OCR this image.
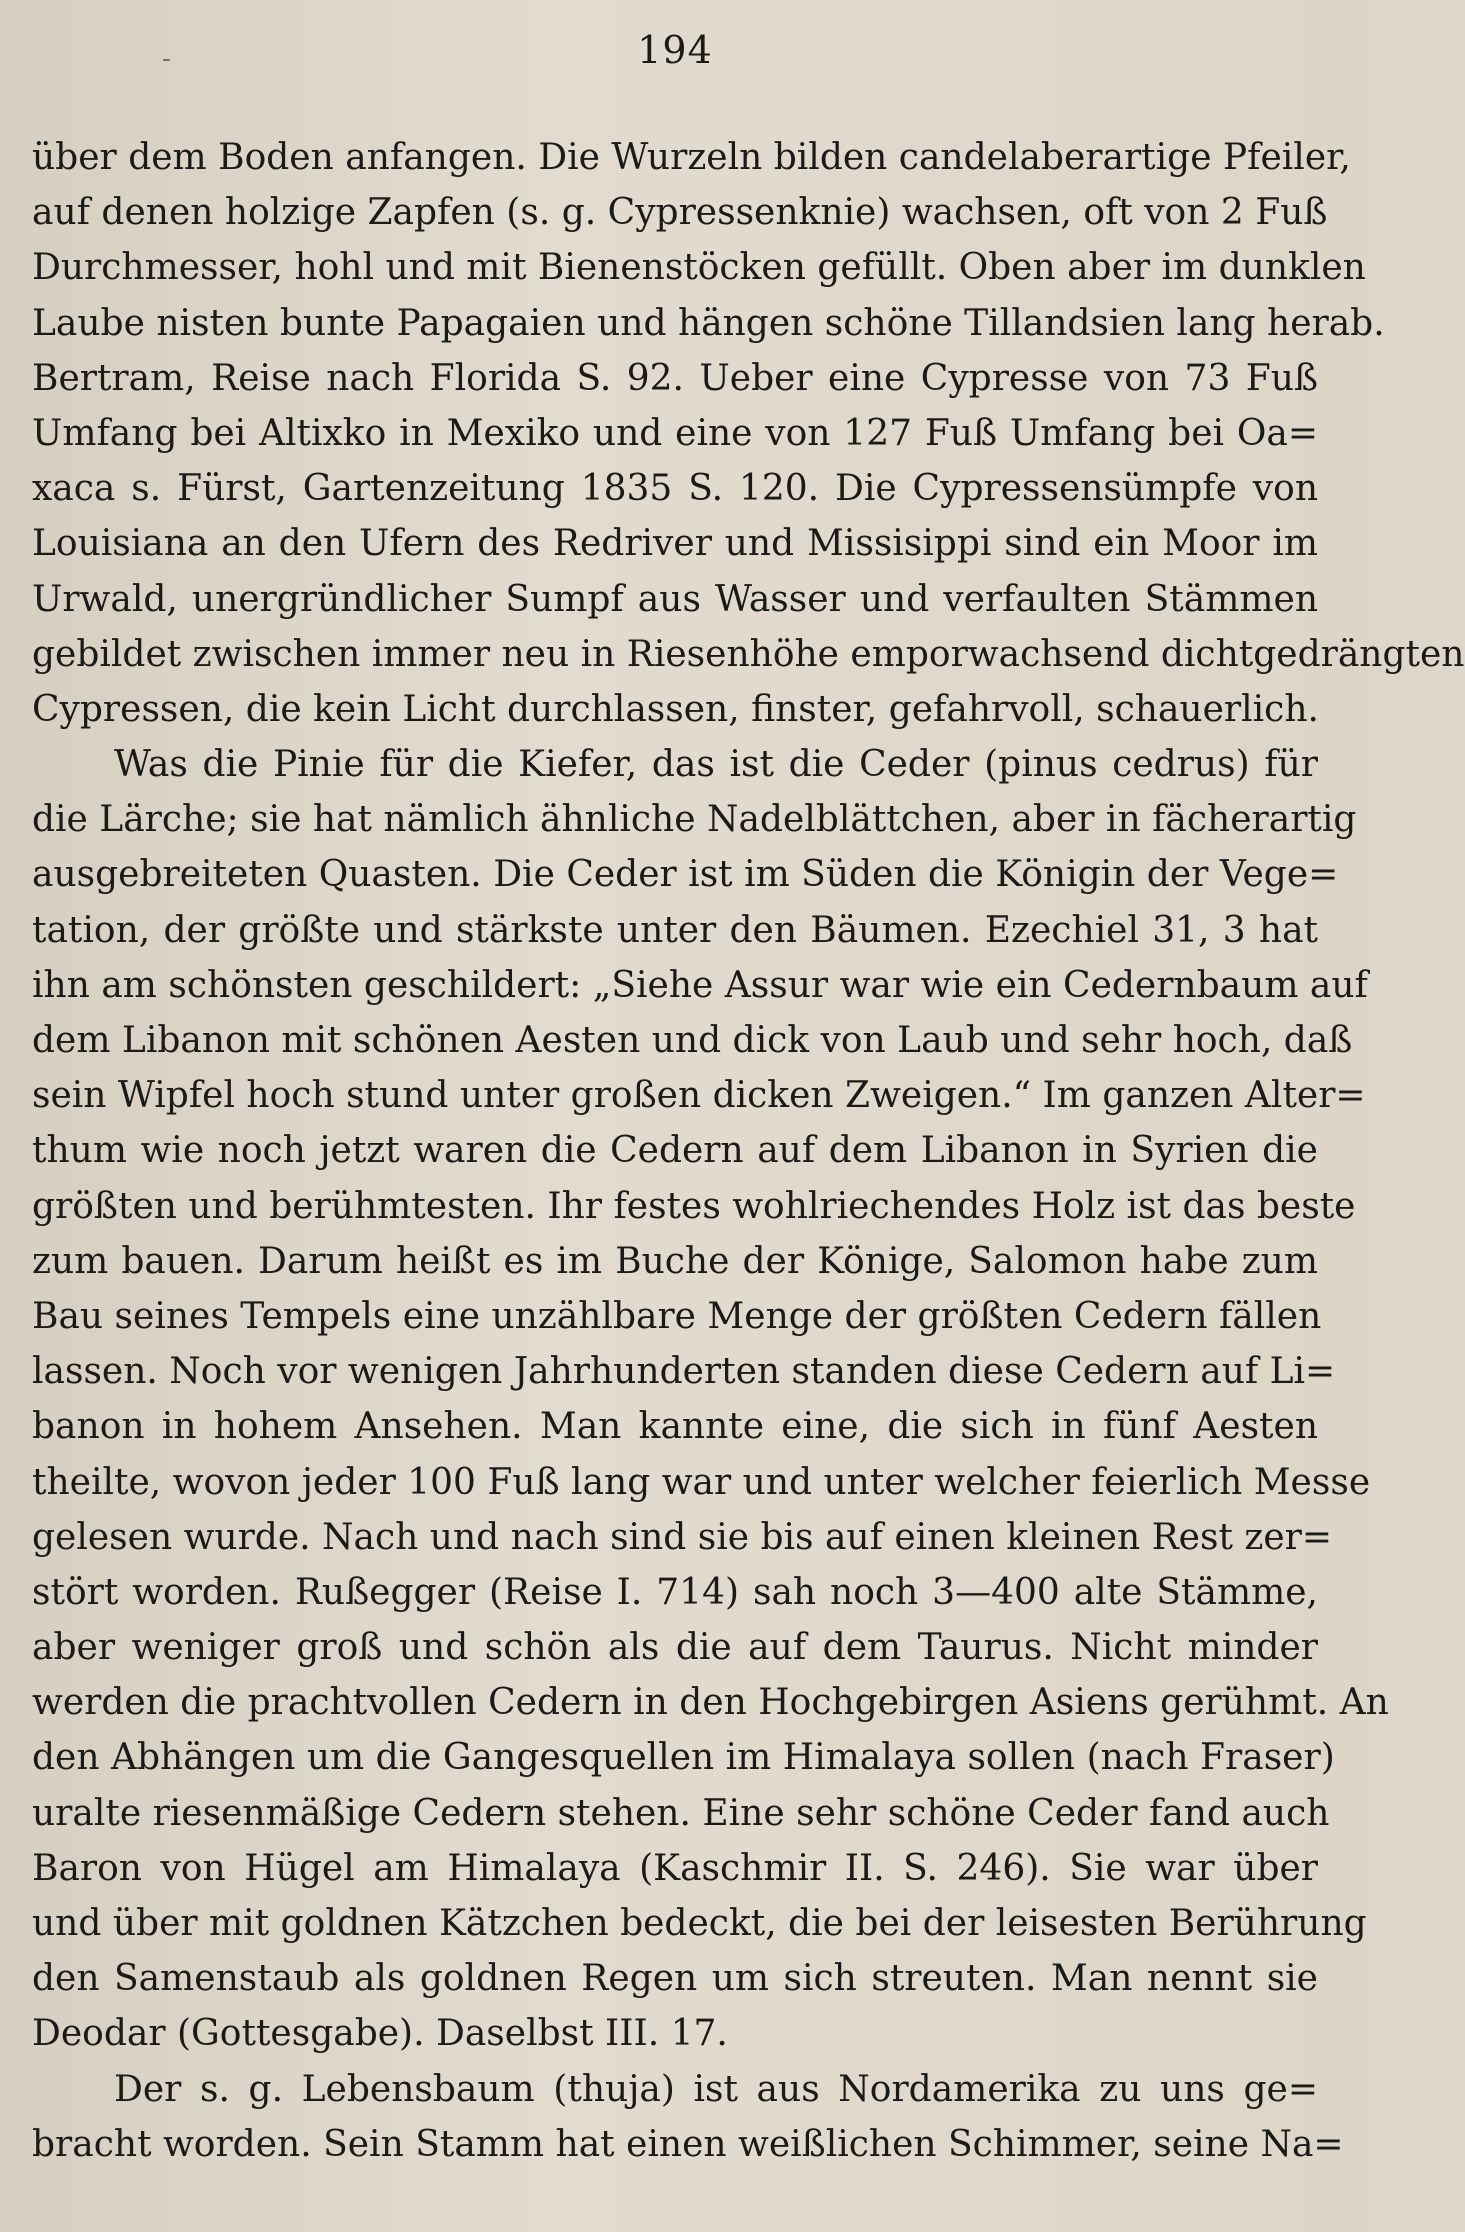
-	194
über dem Boden anfangen. Die Wurzeln bilden candelaberartige Pfeiler,
auf denen holzige Zapfen (s. g. Cypressenknie) wachsen, oft von 2 Fuß
Durchmesser, hohl und mit Bienenstöcken gefüllt. Oben aber im dunklen
Laube nisten bunte Papagaien und hängen schöne Tillandsien lang herab.
Bertram, Reise nach Florida S. 92. Ueber eine Cypresse von 73 Fuß
Umfang bei Altixko in Mexiko und eine von 127 Fuß Umfang bei Oa=
xaca s. Fürst, Gartenzeitung 1835 S. 120. Die Cypressensümpfe von
Louisiana an den Ufern des Redriver und Missisippi sind ein Moor im
Urwald, unergründlicher Sumpf aus Wasser und verfaulten Stämmen
gebildet zwischen immer neu in Riesenhöhe emporwachsend dichtgedrängten
Cypressen, die kein Licht durchlassen, finster, gefahrvoll, schauerlich.
Was die Pinie für die Kiefer, das ist die Ceder (pinus cedrus) für
die Lärche; sie hat nämlich ähnliche Nadelblättchen, aber in fächerartig
ausgebreiteten Quasten. Die Ceder ist im Süden die Königin der Vege=
tation, der größte und stärkste unter den Bäumen. Ezechiel 31, 3 hat
ihn am schönsten geschildert: „Siehe Assur war wie ein Cedernbaum auf
dem Libanon mit schönen Aesten und dick von Laub und sehr hoch, daß
sein Wipfel hoch stund unter großen dicken Zweigen.“ Im ganzen Alter=
thum wie noch jetzt waren die Cedern auf dem Libanon in Syrien die
größten und berühmtesten. Ihr festes wohlriechendes Holz ist das beste
zum bauen. Darum heißt es im Buche der Könige, Salomon habe zum
Bau seines Tempels eine unzählbare Menge der größten Cedern fällen
lassen. Noch vor wenigen Jahrhunderten standen diese Cedern auf Li=
banon in hohem Ansehen. Man kannte eine, die sich in fünf Aesten
theilte, wovon jeder 100 Fuß lang war und unter welcher feierlich Messe
gelesen wurde. Nach und nach sind sie bis auf einen kleinen Rest zer=
stört worden. Rußegger (Reise I. 714) sah noch 3—400 alte Stämme,
aber weniger groß und schön als die auf dem Taurus. Nicht minder
werden die prachtvollen Cedern in den Hochgebirgen Asiens gerühmt. An
den Abhängen um die Gangesquellen im Himalaya sollen (nach Fraser)
uralte riesenmäßige Cedern stehen. Eine sehr schöne Ceder fand auch
Baron von Hügel am Himalaya (Kaschmir II. S. 246). Sie war über
und über mit goldnen Kätzchen bedeckt, die bei der leisesten Berührung
den Samenstaub als goldnen Regen um sich streuten. Man nennt sie
Deodar (Gottesgabe). Daselbst III. 17.
Der s. g. Lebensbaum (thuja) ist aus Nordamerika zu uns ge=
bracht worden. Sein Stamm hat einen weißlichen Schimmer, seine Na=
